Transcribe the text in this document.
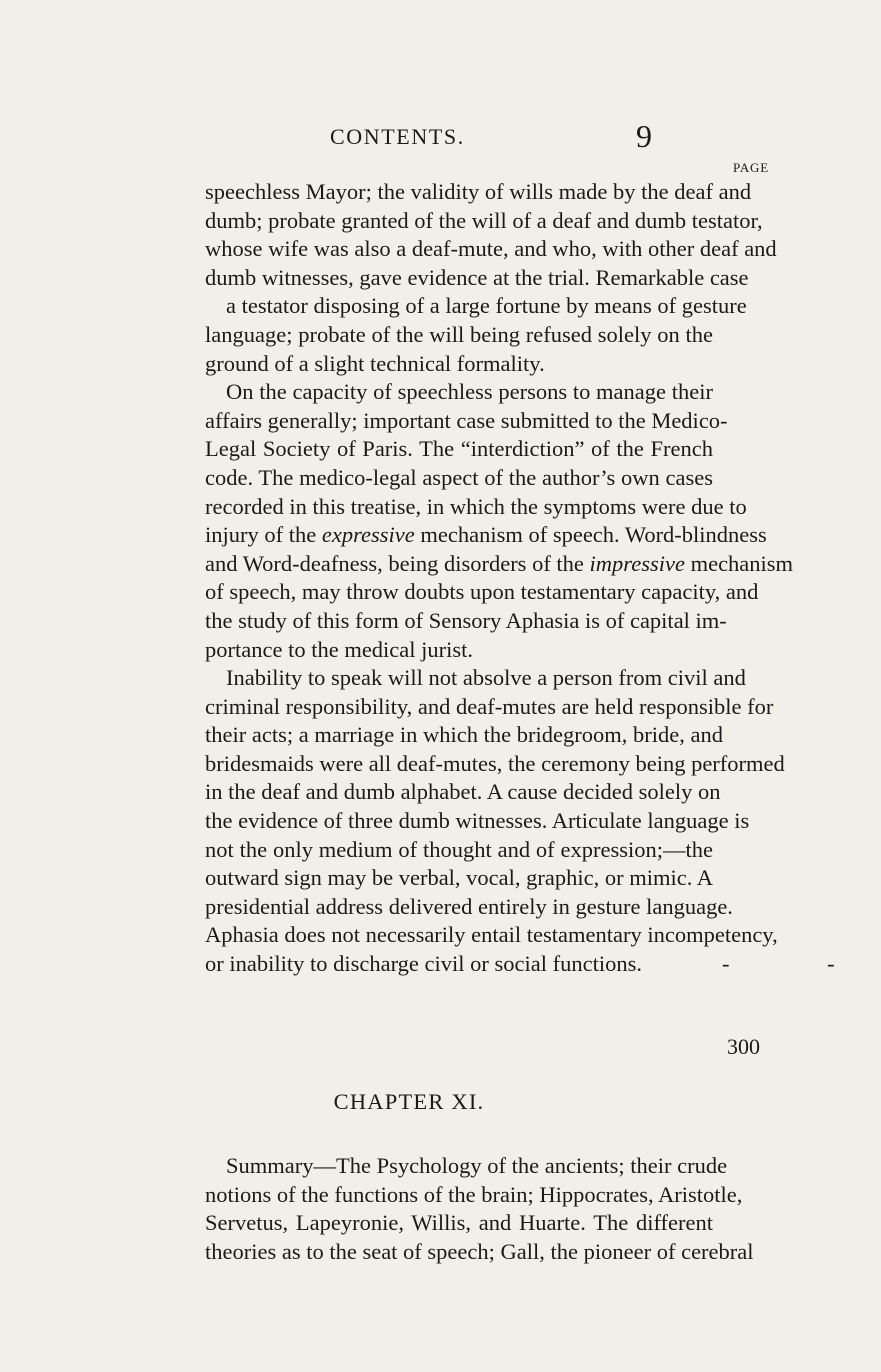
CONTENTS.	9
PAGE
speechless Mayor; the validity of wills made by the deaf and
dumb; probate granted of the will of a deaf and dumb testator,
whose wife was also a deaf-mute, and who, with other deaf and
dumb witnesses, gave evidence at the trial. Remarkable case
a testator disposing of a large fortune by means of gesture
language; probate of the will being refused solely on the
ground of a slight technical formality.
On the capacity of speechless persons to manage their
affairs generally; important case submitted to the Medico-
Legal Society of Paris. The “interdiction” of the French
code. The medico-legal aspect of the author’s own cases
recorded in this treatise, in which the symptoms were due to
injury of the expressive mechanism of speech. Word-blindness
and Word-deafness, being disorders of the impressive mechanism
of speech, may throw doubts upon testamentary capacity, and
the study of this form of Sensory Aphasia is of capital im-
portance to the medical jurist.
Inability to speak will not absolve a person from civil and
criminal responsibility, and deaf-mutes are held responsible for
their acts; a marriage in which the bridegroom, bride, and
bridesmaids were all deaf-mutes, the ceremony being performed
in the deaf and dumb alphabet. A cause decided solely on
the evidence of three dumb witnesses. Articulate language is
not the only medium of thought and of expression;—the
outward sign may be verbal, vocal, graphic, or mimic. A
presidential address delivered entirely in gesture language.
Aphasia does not necessarily entail testamentary incompetency,
or inability to discharge civil or social functions.	- -
300
CHAPTER XI.
Summary—The Psychology of the ancients; their crude
notions of the functions of the brain; Hippocrates, Aristotle,
Servetus, Lapeyronie, Willis, and Huarte. The different
theories as to the seat of speech; Gall, the pioneer of cerebral
